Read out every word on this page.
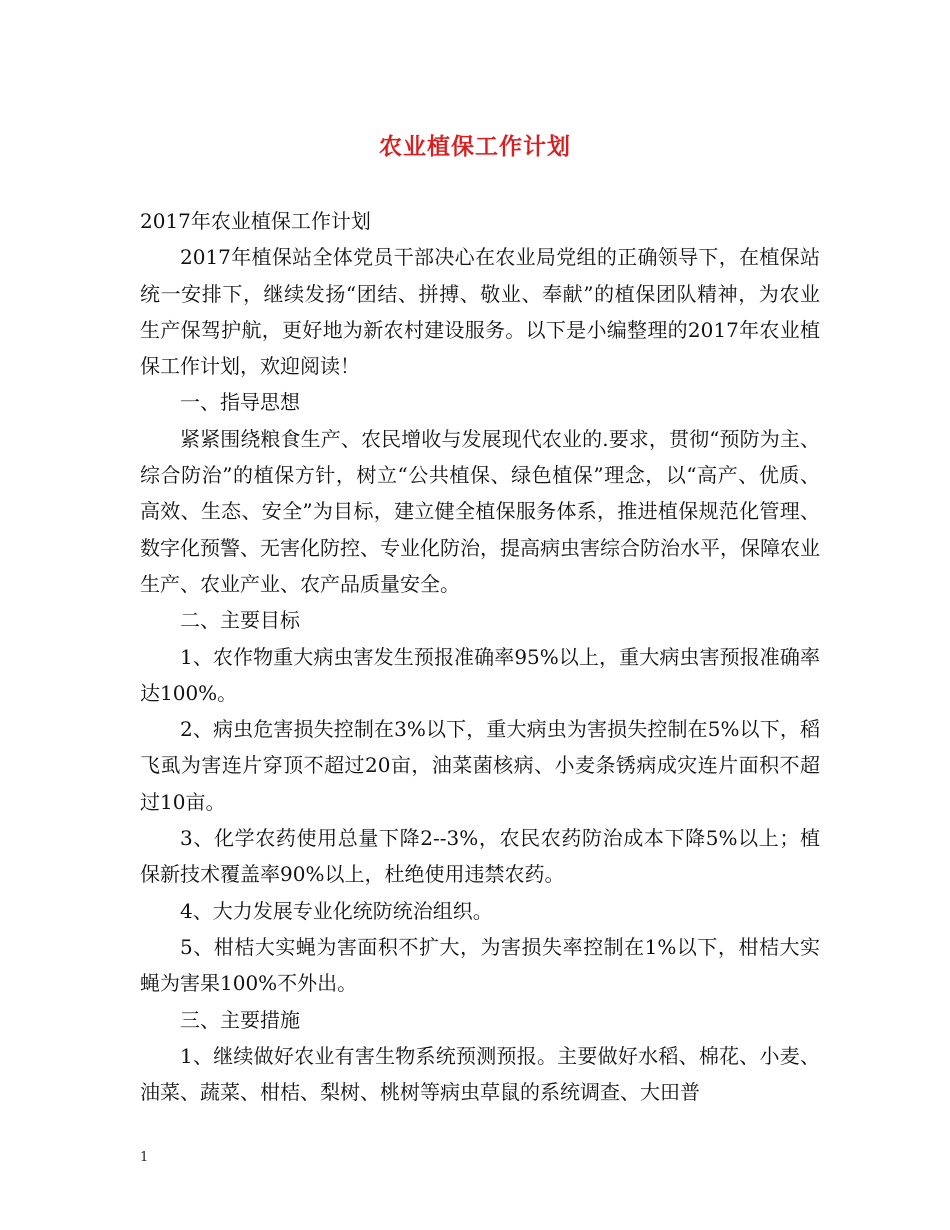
农业植保工作计划

2017年农业植保工作计划

2017年植保站全体党员干部决心在农业局党组的正确领导下，在植保站统一安排下，继续发扬“团结、拼搏、敬业、奉献”的植保团队精神，为农业生产保驾护航，更好地为新农村建设服务。以下是小编整理的2017年农业植保工作计划，欢迎阅读！

一、指导思想

紧紧围绕粮食生产、农民增收与发展现代农业的.要求，贯彻“预防为主、综合防治”的植保方针，树立“公共植保、绿色植保”理念，以“高产、优质、高效、生态、安全”为目标，建立健全植保服务体系，推进植保规范化管理、数字化预警、无害化防控、专业化防治，提高病虫害综合防治水平，保障农业生产、农业产业、农产品质量安全。

二、主要目标

1、农作物重大病虫害发生预报准确率95%以上，重大病虫害预报准确率达100%。

2、病虫危害损失控制在3%以下，重大病虫为害损失控制在5%以下，稻飞虱为害连片穿顶不超过20亩，油菜菌核病、小麦条锈病成灾连片面积不超过10亩。

3、化学农药使用总量下降2--3%，农民农药防治成本下降5%以上；植保新技术覆盖率90%以上，杜绝使用违禁农药。

4、大力发展专业化统防统治组织。

5、柑桔大实蝇为害面积不扩大，为害损失率控制在1%以下，柑桔大实蝇为害果100%不外出。

三、主要措施

1、继续做好农业有害生物系统预测预报。主要做好水稻、棉花、小麦、油菜、蔬菜、柑桔、梨树、桃树等病虫草鼠的系统调查、大田普

1
